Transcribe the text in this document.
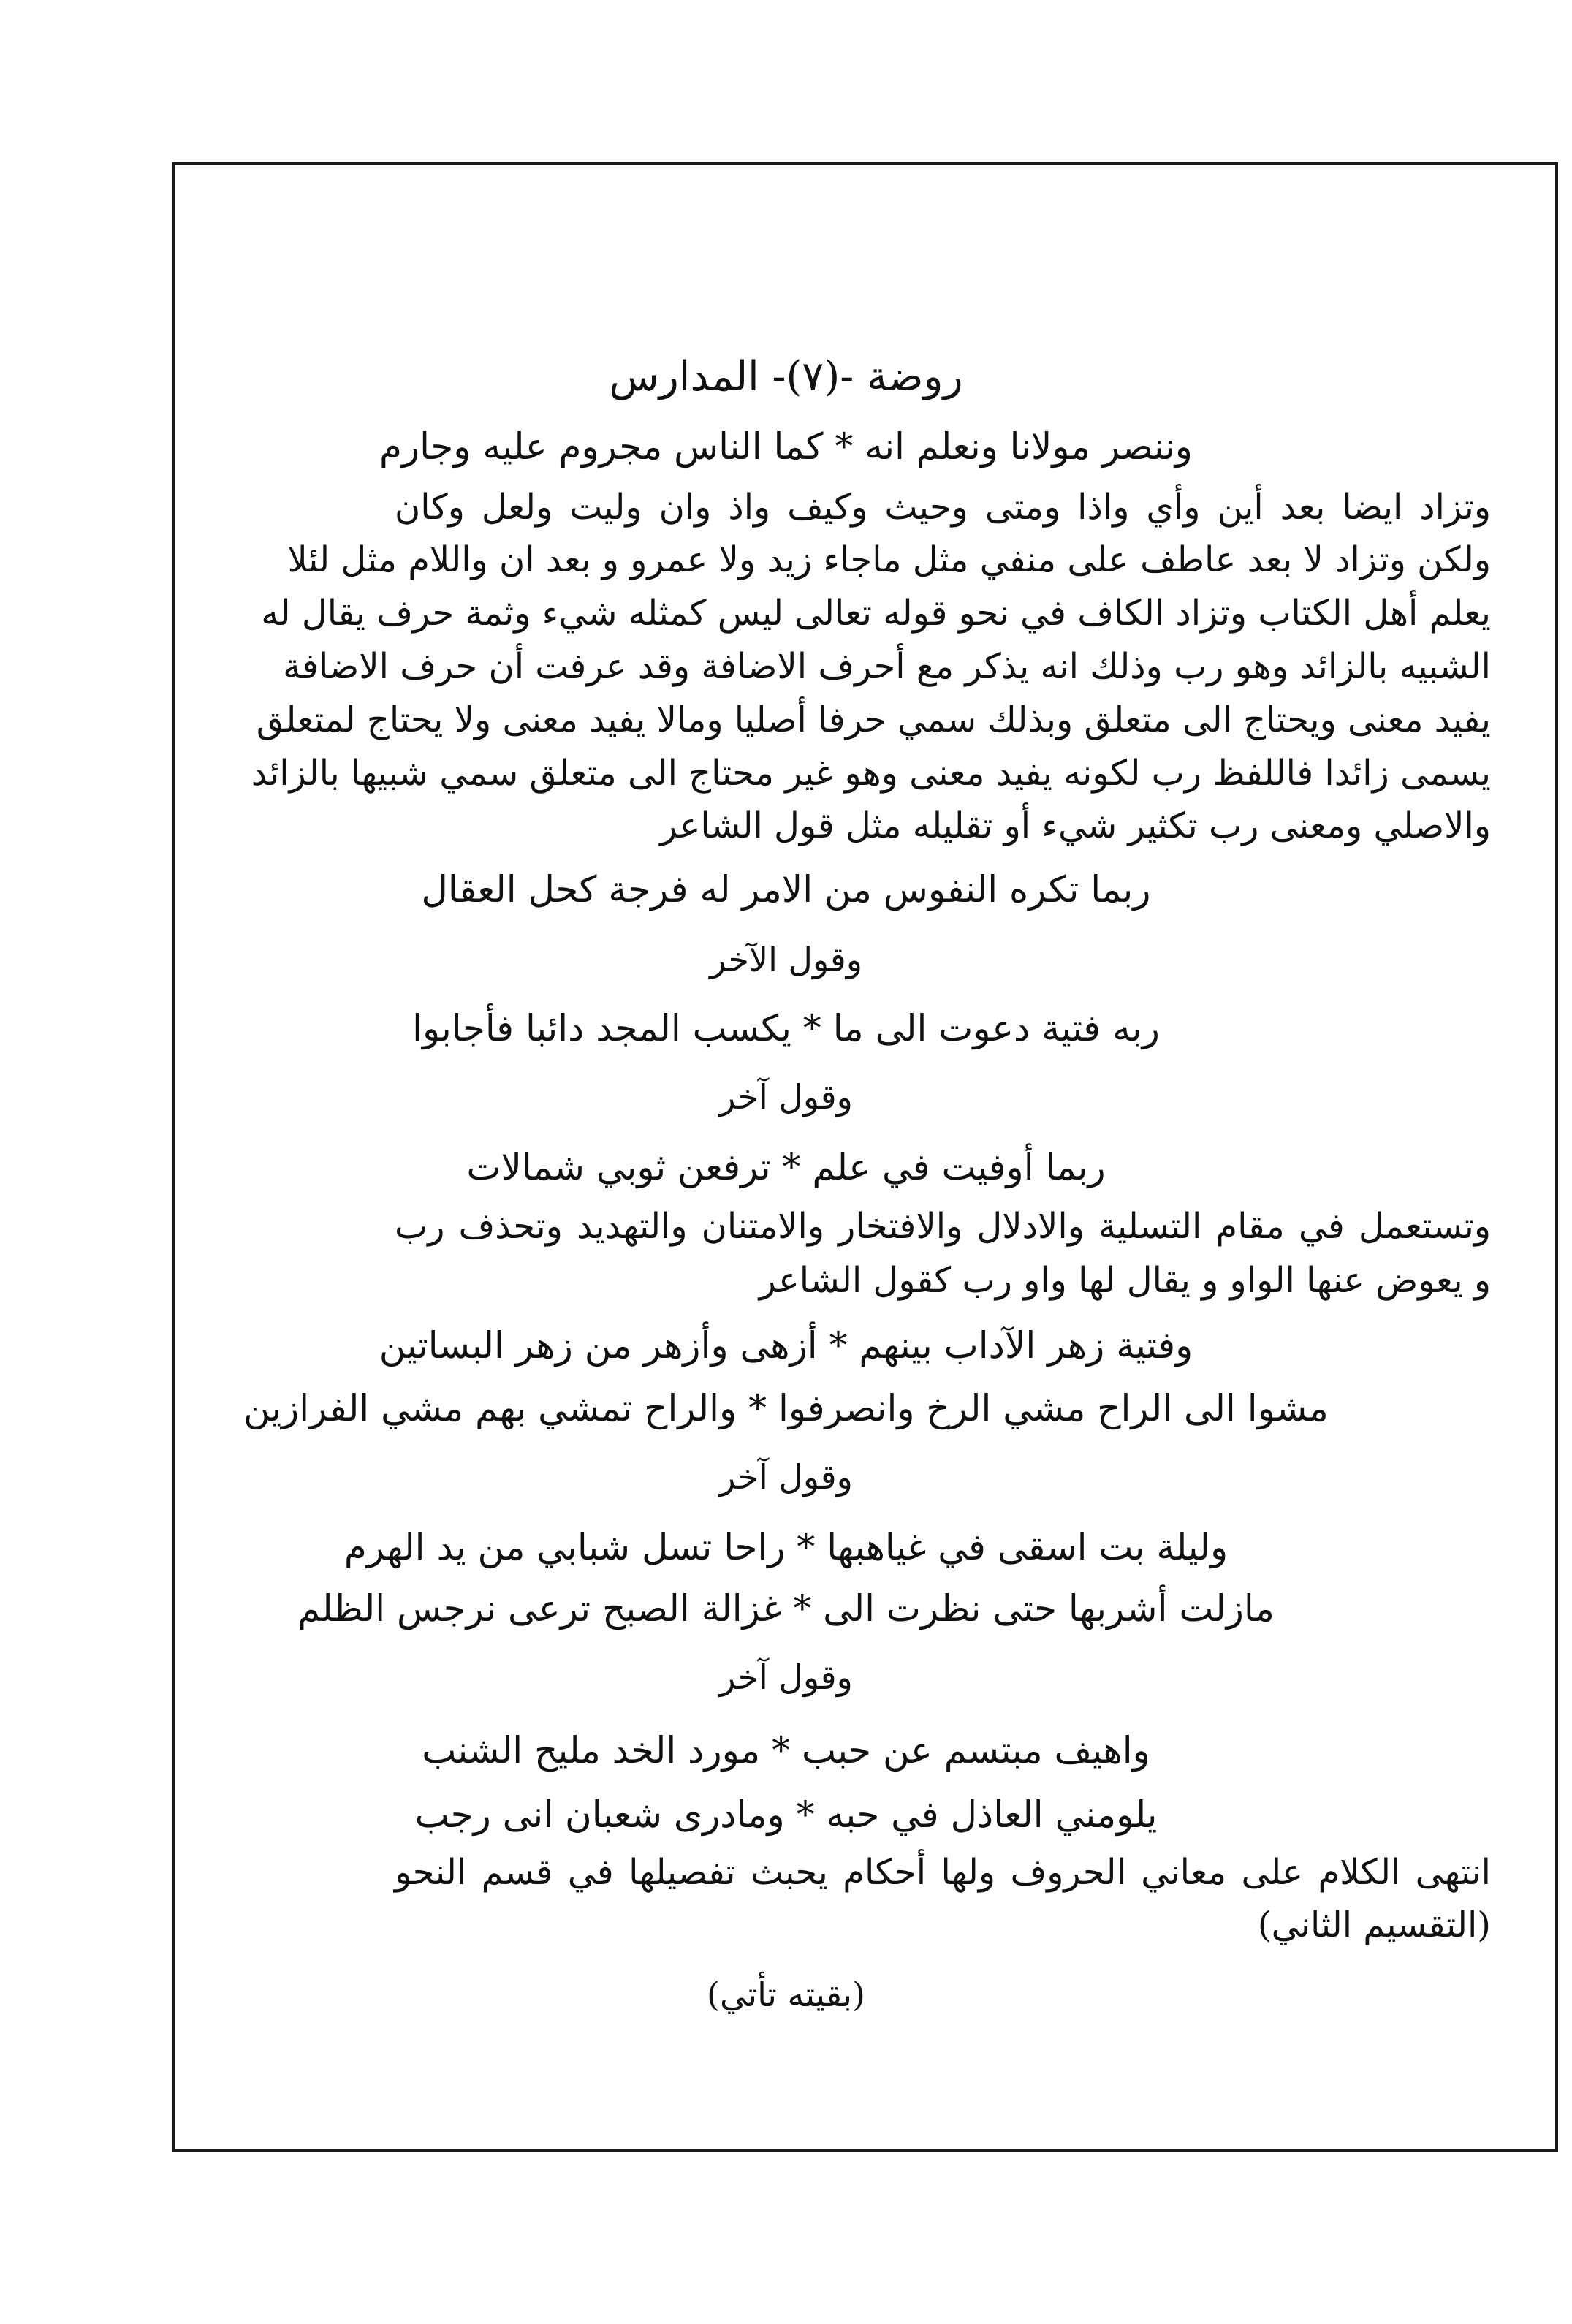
روضة -(٧)- المدارس
وننصر مولانا ونعلم انه * كما الناس مجروم عليه وجارم
وتزاد ايضا بعد أين وأي واذا ومتى وحيث وكيف واذ وان وليت ولعل وكان
ولكن وتزاد لا بعد عاطف على منفي مثل ماجاء زيد ولا عمرو و بعد ان واللام مثل لئلا
يعلم أهل الكتاب وتزاد الكاف في نحو قوله تعالى ليس كمثله شيء وثمة حرف يقال له
الشبيه بالزائد وهو رب وذلك انه يذكر مع أحرف الاضافة وقد عرفت أن حرف الاضافة
يفيد معنى ويحتاج الى متعلق وبذلك سمي حرفا أصليا ومالا يفيد معنى ولا يحتاج لمتعلق
يسمى زائدا فاللفظ رب لكونه يفيد معنى وهو غير محتاج الى متعلق سمي شبيها بالزائد
والاصلي ومعنى رب تكثير شيء أو تقليله مثل قول الشاعر
ربما تكره النفوس من الامر له فرجة كحل العقال
وقول الآخر
ربه فتية دعوت الى ما * يكسب المجد دائبا فأجابوا
وقول آخر
ربما أوفيت في علم * ترفعن ثوبي شمالات
وتستعمل في مقام التسلية والادلال والافتخار والامتنان والتهديد وتحذف رب
و يعوض عنها الواو و يقال لها واو رب كقول الشاعر
وفتية زهر الآداب بينهم * أزهى وأزهر من زهر البساتين
مشوا الى الراح مشي الرخ وانصرفوا * والراح تمشي بهم مشي الفرازين
وقول آخر
وليلة بت اسقى في غياهبها * راحا تسل شبابي من يد الهرم
مازلت أشربها حتى نظرت الى * غزالة الصبح ترعى نرجس الظلم
وقول آخر
واهيف مبتسم عن حبب * مورد الخد مليح الشنب
يلومني العاذل في حبه * ومادرى شعبان انى رجب
انتهى الكلام على معاني الحروف ولها أحكام يحبث تفصيلها في قسم النحو
(التقسيم الثاني)
(بقيته تأتي)
